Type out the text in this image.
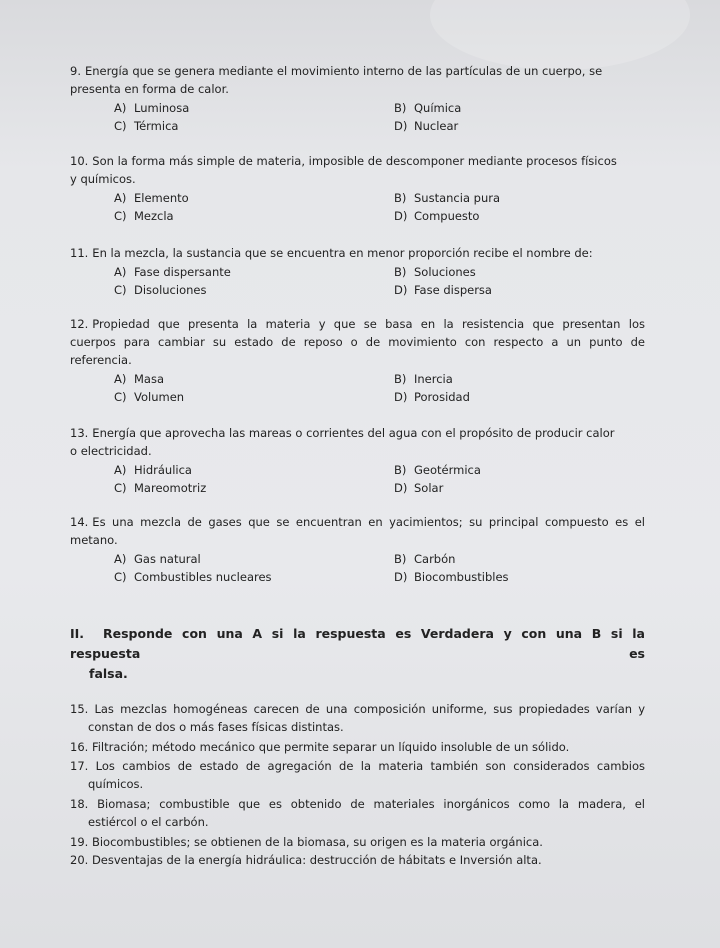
9. Energía que se genera mediante el movimiento interno de las partículas de un cuerpo, se
presenta en forma de calor.
A) Luminosa	B) Química
C) Térmica	D) Nuclear
10. Son la forma más simple de materia, imposible de descomponer mediante procesos físicos
y químicos.
A) Elemento	B) Sustancia pura
C) Mezcla	D) Compuesto
11. En la mezcla, la sustancia que se encuentra en menor proporción recibe el nombre de:
A) Fase dispersante	B) Soluciones
C) Disoluciones	D) Fase dispersa
12. Propiedad que presenta la materia y que se basa en la resistencia que presentan los
cuerpos para cambiar su estado de reposo o de movimiento con respecto a un punto de
referencia.
A) Masa	B) Inercia
C) Volumen	D) Porosidad
13. Energía que aprovecha las mareas o corrientes del agua con el propósito de producir calor
o electricidad.
A) Hidráulica	B) Geotérmica
C) Mareomotriz	D) Solar
14. Es una mezcla de gases que se encuentran en yacimientos; su principal compuesto es el
metano.
A) Gas natural	B) Carbón
C) Combustibles nucleares	D) Biocombustibles
II. Responde con una A si la respuesta es Verdadera y con una B si la respuesta es
falsa.
15. Las mezclas homogéneas carecen de una composición uniforme, sus propiedades varían y
constan de dos o más fases físicas distintas.
16. Filtración; método mecánico que permite separar un líquido insoluble de un sólido.
17. Los cambios de estado de agregación de la materia también son considerados cambios
químicos.
18. Biomasa; combustible que es obtenido de materiales inorgánicos como la madera, el
estiércol o el carbón.
19. Biocombustibles; se obtienen de la biomasa, su origen es la materia orgánica.
20. Desventajas de la energía hidráulica: destrucción de hábitats e Inversión alta.
